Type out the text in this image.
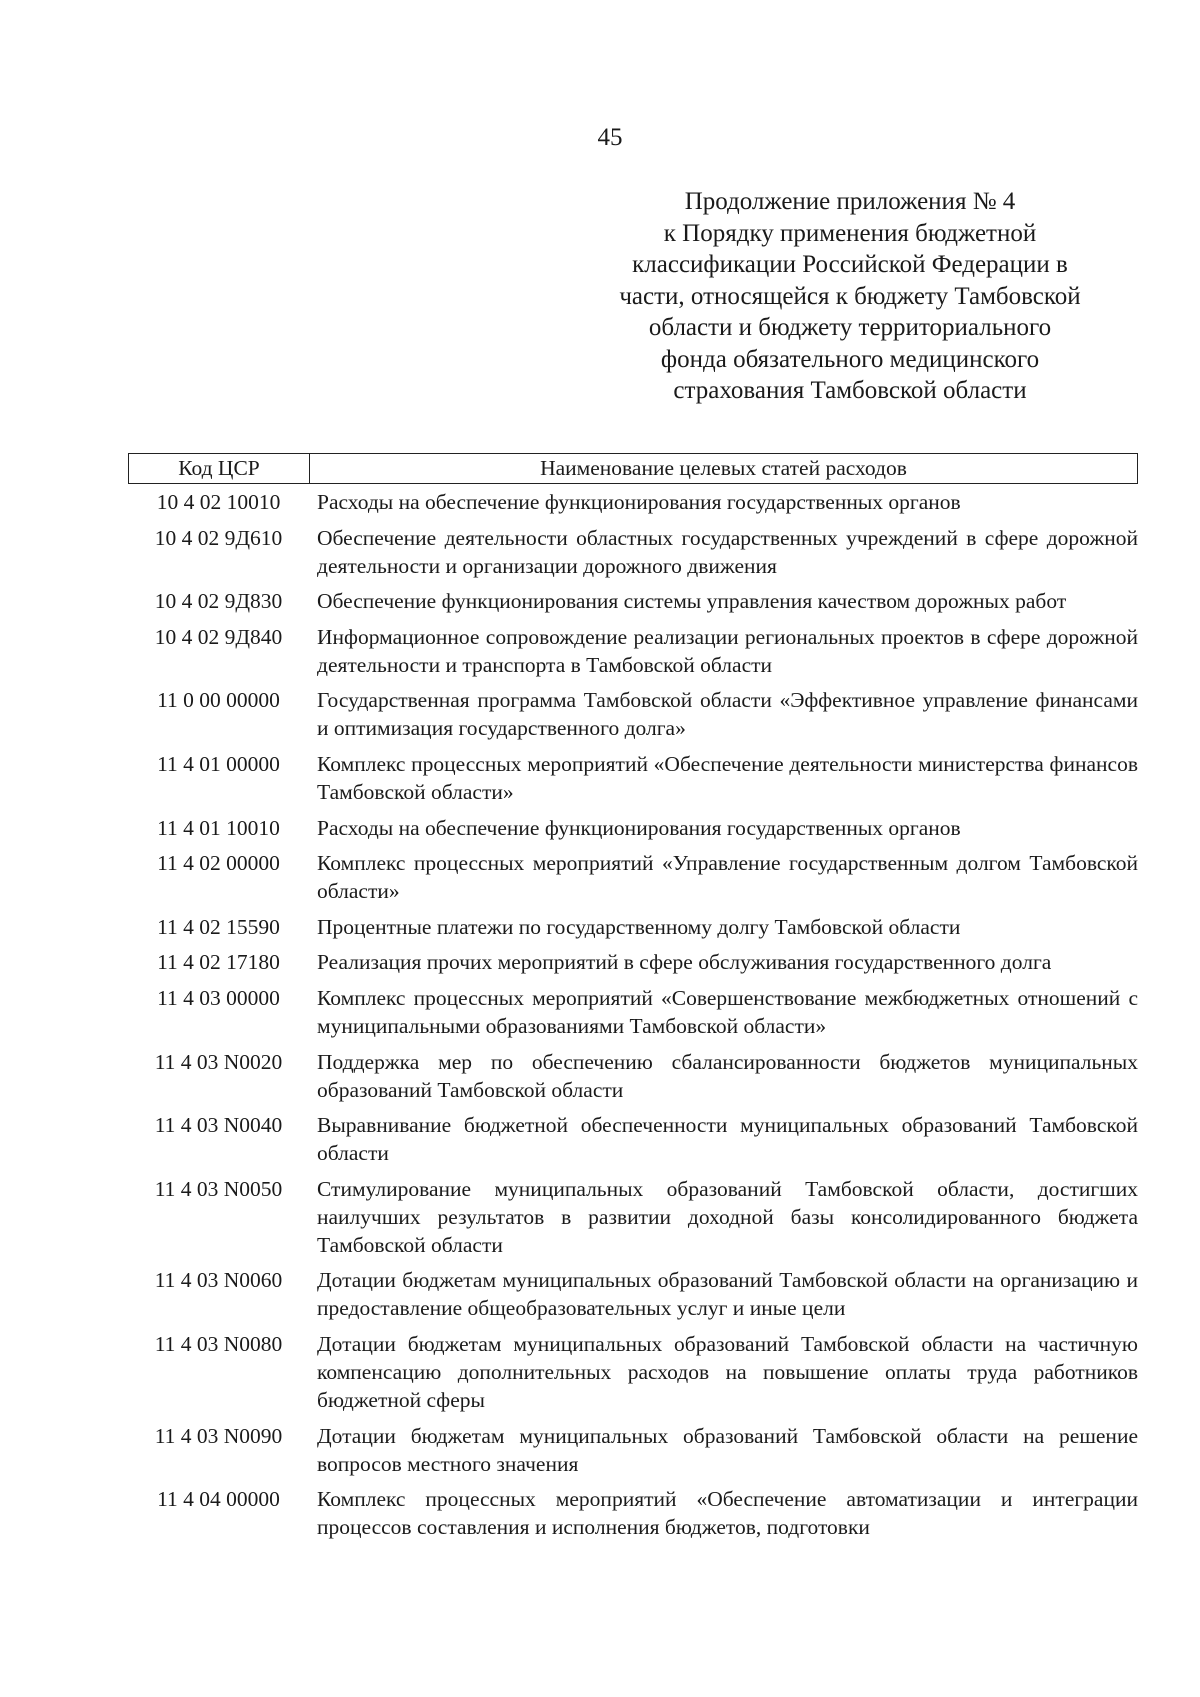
45
Продолжение приложения № 4
к Порядку применения бюджетной
классификации Российской Федерации в
части, относящейся к бюджету Тамбовской
области и бюджету территориального
фонда обязательного медицинского
страхования Тамбовской области
Код ЦСР	Наименование целевых статей расходов
10 4 02 10010	Расходы на обеспечение функционирования государственных органов
10 4 02 9Д610	Обеспечение деятельности областных государственных учреждений в сфере дорожной деятельности и организации дорожного движения
10 4 02 9Д830	Обеспечение функционирования системы управления качеством дорожных работ
10 4 02 9Д840	Информационное сопровождение реализации региональных проектов в сфере дорожной деятельности и транспорта в Тамбовской области
11 0 00 00000	Государственная программа Тамбовской области «Эффективное управление финансами и оптимизация государственного долга»
11 4 01 00000	Комплекс процессных мероприятий «Обеспечение деятельности министерства финансов Тамбовской области»
11 4 01 10010	Расходы на обеспечение функционирования государственных органов
11 4 02 00000	Комплекс процессных мероприятий «Управление государственным долгом Тамбовской области»
11 4 02 15590	Процентные платежи по государственному долгу Тамбовской области
11 4 02 17180	Реализация прочих мероприятий в сфере обслуживания государственного долга
11 4 03 00000	Комплекс процессных мероприятий «Совершенствование межбюджетных отношений с муниципальными образованиями Тамбовской области»
11 4 03 N0020	Поддержка мер по обеспечению сбалансированности бюджетов муниципальных образований Тамбовской области
11 4 03 N0040	Выравнивание бюджетной обеспеченности муниципальных образований Тамбовской области
11 4 03 N0050	Стимулирование муниципальных образований Тамбовской области, достигших наилучших результатов в развитии доходной базы консолидированного бюджета Тамбовской области
11 4 03 N0060	Дотации бюджетам муниципальных образований Тамбовской области на организацию и предоставление общеобразовательных услуг и иные цели
11 4 03 N0080	Дотации бюджетам муниципальных образований Тамбовской области на частичную компенсацию дополнительных расходов на повышение оплаты труда работников бюджетной сферы
11 4 03 N0090	Дотации бюджетам муниципальных образований Тамбовской области на решение вопросов местного значения
11 4 04 00000	Комплекс процессных мероприятий «Обеспечение автоматизации и интеграции процессов составления и исполнения бюджетов, подготовки
